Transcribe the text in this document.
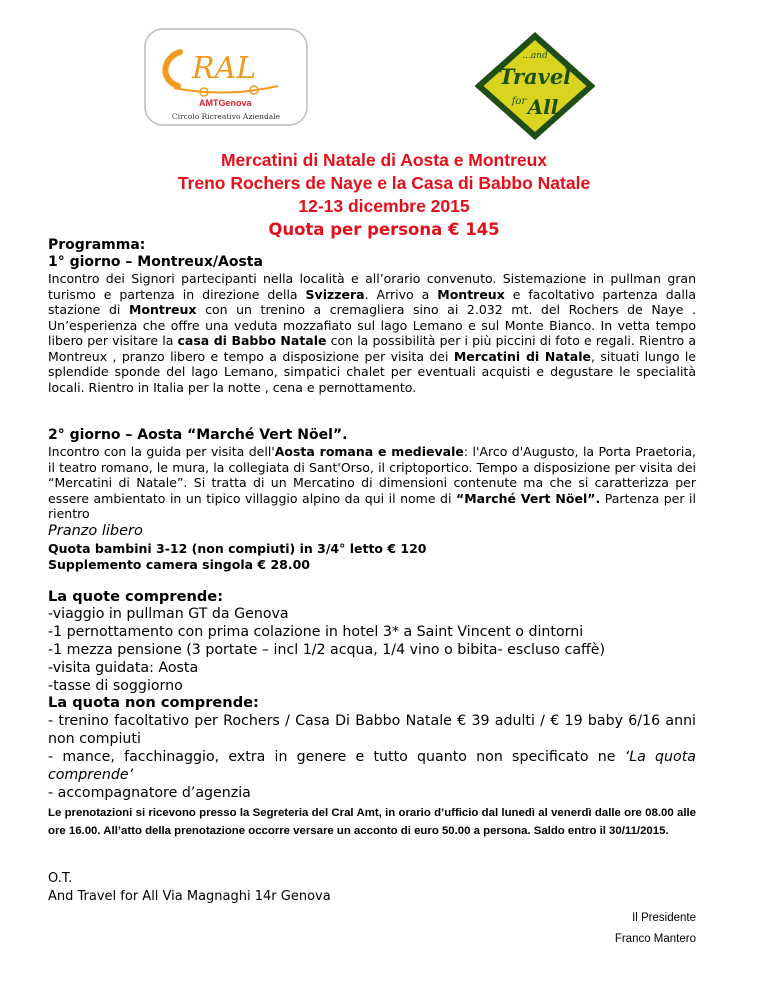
RAL
AMTGenova
Circolo Ricreativo Aziendale
...and
Travel
for All
Mercatini di Natale di Aosta e Montreux
Treno Rochers de Naye e la Casa di Babbo Natale
12-13 dicembre 2015
Quota per persona € 145
Programma:
1° giorno – Montreux/Aosta
Incontro dei Signori partecipanti nella località e all’orario convenuto. Sistemazione in pullman gran turismo e partenza in direzione della Svizzera. Arrivo a Montreux e facoltativo partenza dalla stazione di Montreux con un trenino a cremagliera sino ai 2.032 mt. del Rochers de Naye . Un’esperienza che offre una veduta mozzafiato sul lago Lemano e sul Monte Bianco. In vetta tempo libero per visitare la casa di Babbo Natale con la possibilità per i più piccini di foto e regali. Rientro a Montreux , pranzo libero e tempo a disposizione per visita dei Mercatini di Natale, situati lungo le splendide sponde del lago Lemano, simpatici chalet per eventuali acquisti e degustare le specialità locali. Rientro in Italia per la notte , cena e pernottamento.
2° giorno – Aosta “Marché Vert Nöel”.
Incontro con la guida per visita dell'Aosta romana e medievale: l'Arco d'Augusto, la Porta Praetoria, il teatro romano, le mura, la collegiata di Sant'Orso, il criptoportico. Tempo a disposizione per visita dei “Mercatini di Natale”. Si tratta di un Mercatino di dimensioni contenute ma che si caratterizza per essere ambientato in un tipico villaggio alpino da qui il nome di “Marché Vert Nöel”. Partenza per il rientro
Pranzo libero
Quota bambini 3-12 (non compiuti) in 3/4° letto € 120
Supplemento camera singola € 28.00
La quote comprende:
-viaggio in pullman GT da Genova
-1 pernottamento con prima colazione in hotel 3* a Saint Vincent o dintorni
-1 mezza pensione (3 portate – incl 1/2 acqua, 1/4 vino o bibita- escluso caffè)
-visita guidata: Aosta
-tasse di soggiorno
La quota non comprende:
- trenino facoltativo per Rochers / Casa Di Babbo Natale € 39 adulti / € 19 baby 6/16 anni non compiuti
- mance, facchinaggio, extra in genere e tutto quanto non specificato ne ‘La quota comprende’
- accompagnatore d’agenzia
Le prenotazioni si ricevono presso la Segreteria del Cral Amt, in orario d’ufficio dal lunedì al venerdì dalle ore 08.00 alle ore 16.00. All’atto della prenotazione occorre versare un acconto di euro 50.00 a persona. Saldo entro il 30/11/2015.
O.T.
And Travel for All Via Magnaghi 14r Genova
Il Presidente
Franco Mantero
